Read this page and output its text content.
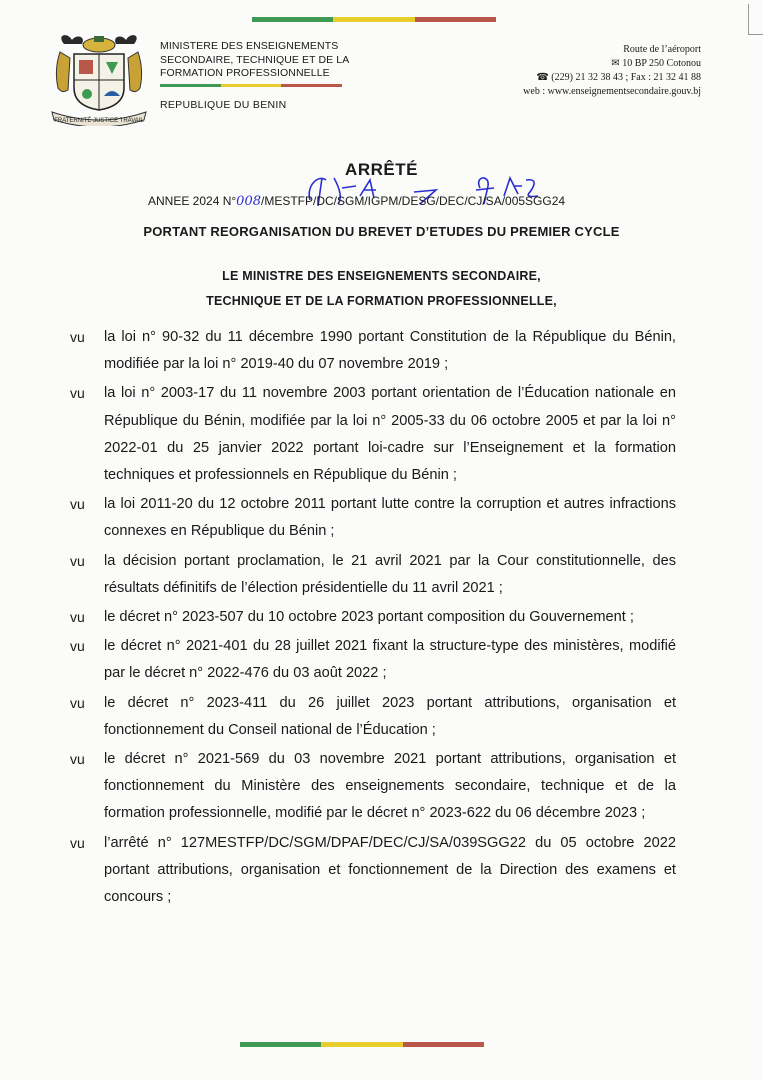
FRATERNITÉ JUSTICE TRAVAIL
MINISTERE DES ENSEIGNEMENTS
SECONDAIRE, TECHNIQUE ET DE LA
FORMATION PROFESSIONNELLE
REPUBLIQUE DU BENIN
Route de l’aéroport
✉ 10 BP 250 Cotonou
☎ (229) 21 32 38 43 ; Fax : 21 32 41 88
web : www.enseignementsecondaire.gouv.bj
ARRÊTÉ
ANNEE 2024 N°008/MESTFP/DC/SGM/IGPM/DESG/DEC/CJ/SA/005SGG24
PORTANT REORGANISATION DU BREVET D’ETUDES DU PREMIER CYCLE
LE MINISTRE DES ENSEIGNEMENTS SECONDAIRE,
TECHNIQUE ET DE LA FORMATION PROFESSIONNELLE,
vu	la loi n° 90-32 du 11 décembre 1990 portant Constitution de la République du Bénin, modifiée par la loi n° 2019-40 du 07 novembre 2019 ;
vu	la loi n° 2003-17 du 11 novembre 2003 portant orientation de l’Éducation nationale en République du Bénin, modifiée par la loi n° 2005-33 du 06 octobre 2005 et par la loi n° 2022-01 du 25 janvier 2022 portant loi-cadre sur l’Enseignement et la formation techniques et professionnels en République du Bénin ;
vu	la loi 2011-20 du 12 octobre 2011 portant lutte contre la corruption et autres infractions connexes en République du Bénin ;
vu	la décision portant proclamation, le 21 avril 2021 par la Cour constitutionnelle, des résultats définitifs de l’élection présidentielle du 11 avril 2021 ;
vu	le décret n° 2023-507 du 10 octobre 2023 portant composition du Gouvernement ;
vu	le décret n° 2021-401 du 28 juillet 2021 fixant la structure-type des ministères, modifié par le décret n° 2022-476 du 03 août 2022 ;
vu	le décret n° 2023-411 du 26 juillet 2023 portant attributions, organisation et fonctionnement du Conseil national de l’Éducation ;
vu	le décret n° 2021-569 du 03 novembre 2021 portant attributions, organisation et fonctionnement du Ministère des enseignements secondaire, technique et de la formation professionnelle, modifié par le décret n° 2023-622 du 06 décembre 2023 ;
vu	l’arrêté n° 127MESTFP/DC/SGM/DPAF/DEC/CJ/SA/039SGG22 du 05 octobre 2022 portant attributions, organisation et fonctionnement de la Direction des examens et concours ;
